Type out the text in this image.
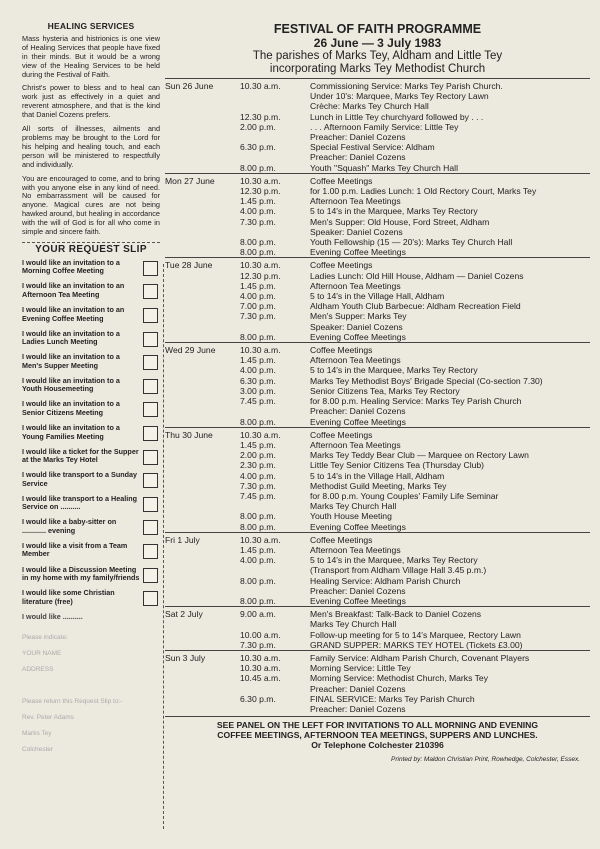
HEALING SERVICES

Mass hysteria and histrionics is one view of Healing Services that people have fixed in their minds. But it would be a wrong view of the Healing Services to be held during the Festival of Faith.

Christ's power to bless and to heal can work just as effectively in a quiet and reverent atmosphere, and that is the kind that Daniel Cozens prefers.

All sorts of illnesses, ailments and problems may be brought to the Lord for his helping and healing touch, and each person will be ministered to respectfully and individually.

You are encouraged to come, and to bring with you anyone else in any kind of need. No embarrassment will be caused for anyone. Magical cures are not being hawked around, but healing in accordance with the will of God is for all who come in simple and sincere faith.

YOUR REQUEST SLIP
I would like an invitation to a Morning Coffee Meeting
I would like an invitation to an Afternoon Tea Meeting
I would like an invitation to an Evening Coffee Meeting
I would like an invitation to a Ladies Lunch Meeting
I would like an invitation to a Men's Supper Meeting
I would like an invitation to a Youth Housemeeting
I would like an invitation to a Senior Citizens Meeting
I would like an invitation to a Young Families Meeting
I would like a ticket for the Supper at the Marks Tey Hotel
I would like transport to a Sunday Service
I would like transport to a Healing Service on ..........
I would like a baby-sitter on ............ evening
I would like a visit from a Team Member
I would like a Discussion Meeting in my home with my family/friends
I would like some Christian literature (free)
I would like ..........
Please indicate:
YOUR NAME
ADDRESS
Please return this Request Slip to:-
Rev. Peter Adams
Marks Tey
Colchester
FESTIVAL OF FAITH PROGRAMME
26 June — 3 July 1983
The parishes of Marks Tey, Aldham and Little Tey
incorporating Marks Tey Methodist Church
Sun 26 June	10.30 a.m.	Commissioning Service: Marks Tey Parish Church.
Under 10's: Marquee, Marks Tey Rectory Lawn
Crèche: Marks Tey Church Hall
12.30 p.m.	Lunch in Little Tey churchyard followed by . . .
2.00 p.m.	. . . Afternoon Family Service: Little Tey
Preacher: Daniel Cozens
6.30 p.m.	Special Festival Service: Aldham
Preacher: Daniel Cozens
8.00 p.m.	Youth "Squash" Marks Tey Church Hall
Mon 27 June	10.30 a.m.	Coffee Meetings
12.30 p.m.	for 1.00 p.m. Ladies Lunch: 1 Old Rectory Court, Marks Tey
1.45 p.m.	Afternoon Tea Meetings
4.00 p.m.	5 to 14's in the Marquee, Marks Tey Rectory
7.30 p.m.	Men's Supper: Old House, Ford Street, Aldham
Speaker: Daniel Cozens
8.00 p.m.	Youth Fellowship (15 — 20's): Marks Tey Church Hall
8.00 p.m.	Evening Coffee Meetings
Tue 28 June	10.30 a.m.	Coffee Meetings
12.30 p.m.	Ladies Lunch: Old Hill House, Aldham — Daniel Cozens
1.45 p.m.	Afternoon Tea Meetings
4.00 p.m.	5 to 14's in the Village Hall, Aldham
7.00 p.m.	Aldham Youth Club Barbecue: Aldham Recreation Field
7.30 p.m.	Men's Supper: Marks Tey
Speaker: Daniel Cozens
8.00 p.m.	Evening Coffee Meetings
Wed 29 June	10.30 a.m.	Coffee Meetings
1.45 p.m.	Afternoon Tea Meetings
4.00 p.m.	5 to 14's in the Marquee, Marks Tey Rectory
6.30 p.m.	Marks Tey Methodist Boys' Brigade Special (Co-section 7.30)
3.00 p.m.	Senior Citizens Tea, Marks Tey Rectory
7.45 p.m.	for 8.00 p.m. Healing Service: Marks Tey Parish Church
Preacher: Daniel Cozens
8.00 p.m.	Evening Coffee Meetings
Thu 30 June	10.30 a.m.	Coffee Meetings
1.45 p.m.	Afternoon Tea Meetings
2.00 p.m.	Marks Tey Teddy Bear Club — Marquee on Rectory Lawn
2.30 p.m.	Little Tey Senior Citizens Tea (Thursday Club)
4.00 p.m.	5 to 14's in the Village Hall, Aldham
7.30 p.m.	Methodist Guild Meeting, Marks Tey
7.45 p.m.	for 8.00 p.m. Young Couples' Family Life Seminar
Marks Tey Church Hall
8.00 p.m.	Youth House Meeting
8.00 p.m.	Evening Coffee Meetings
Fri 1 July	10.30 a.m.	Coffee Meetings
1.45 p.m.	Afternoon Tea Meetings
4.00 p.m.	5 to 14's in the Marquee, Marks Tey Rectory
(Transport from Aldham Village Hall 3.45 p.m.)
8.00 p.m.	Healing Service: Aldham Parish Church
Preacher: Daniel Cozens
8.00 p.m.	Evening Coffee Meetings
Sat 2 July	9.00 a.m.	Men's Breakfast: Talk-Back to Daniel Cozens
Marks Tey Church Hall
10.00 a.m.	Follow-up meeting for 5 to 14's Marquee, Rectory Lawn
7.30 p.m.	GRAND SUPPER: MARKS TEY HOTEL (Tickets £3.00)
Sun 3 July	10.30 a.m.	Family Service: Aldham Parish Church, Covenant Players
10.30 a.m.	Morning Service: Little Tey
10.45 a.m.	Morning Service: Methodist Church, Marks Tey
Preacher: Daniel Cozens
6.30 p.m.	FINAL SERVICE: Marks Tey Parish Church
Preacher: Daniel Cozens
SEE PANEL ON THE LEFT FOR INVITATIONS TO ALL MORNING AND EVENING
COFFEE MEETINGS, AFTERNOON TEA MEETINGS, SUPPERS AND LUNCHES.
Or Telephone Colchester 210396
Printed by: Maldon Christian Print, Rowhedge, Colchester, Essex.
